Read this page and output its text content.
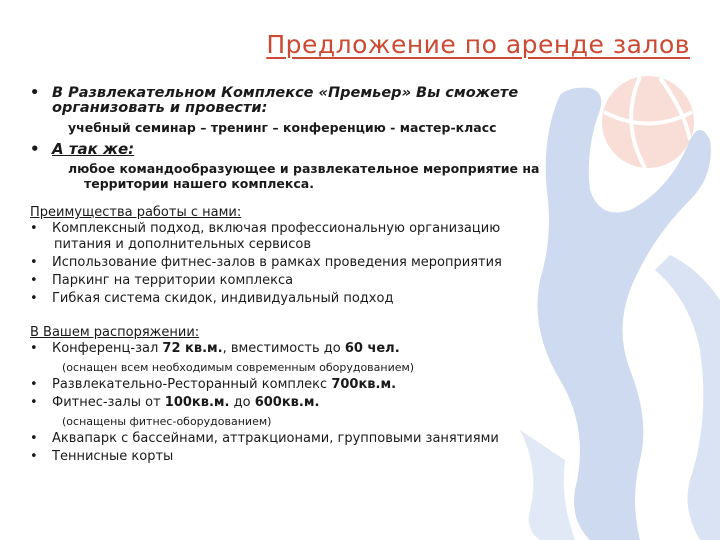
Предложение по аренде залов
• В Развлекательном Комплексе «Премьер» Вы сможете
организовать и провести:
учебный семинар – тренинг – конференцию - мастер-класс
• А так же:
любое командообразующее и развлекательное мероприятие на
территории нашего комплекса.
Преимущества работы с нами:
• Комплексный подход, включая профессиональную организацию
питания и дополнительных сервисов
• Использование фитнес-залов в рамках проведения мероприятия
• Паркинг на территории комплекса
• Гибкая система скидок, индивидуальный подход
В Вашем распоряжении:
• Конференц-зал 72 кв.м., вместимость до 60 чел.
(оснащен всем необходимым современным оборудованием)
• Развлекательно-Ресторанный комплекс 700кв.м.
• Фитнес-залы от 100кв.м. до 600кв.м.
(оснащены фитнес-оборудованием)
• Аквапарк с бассейнами, аттракционами, групповыми занятиями
• Теннисные корты
